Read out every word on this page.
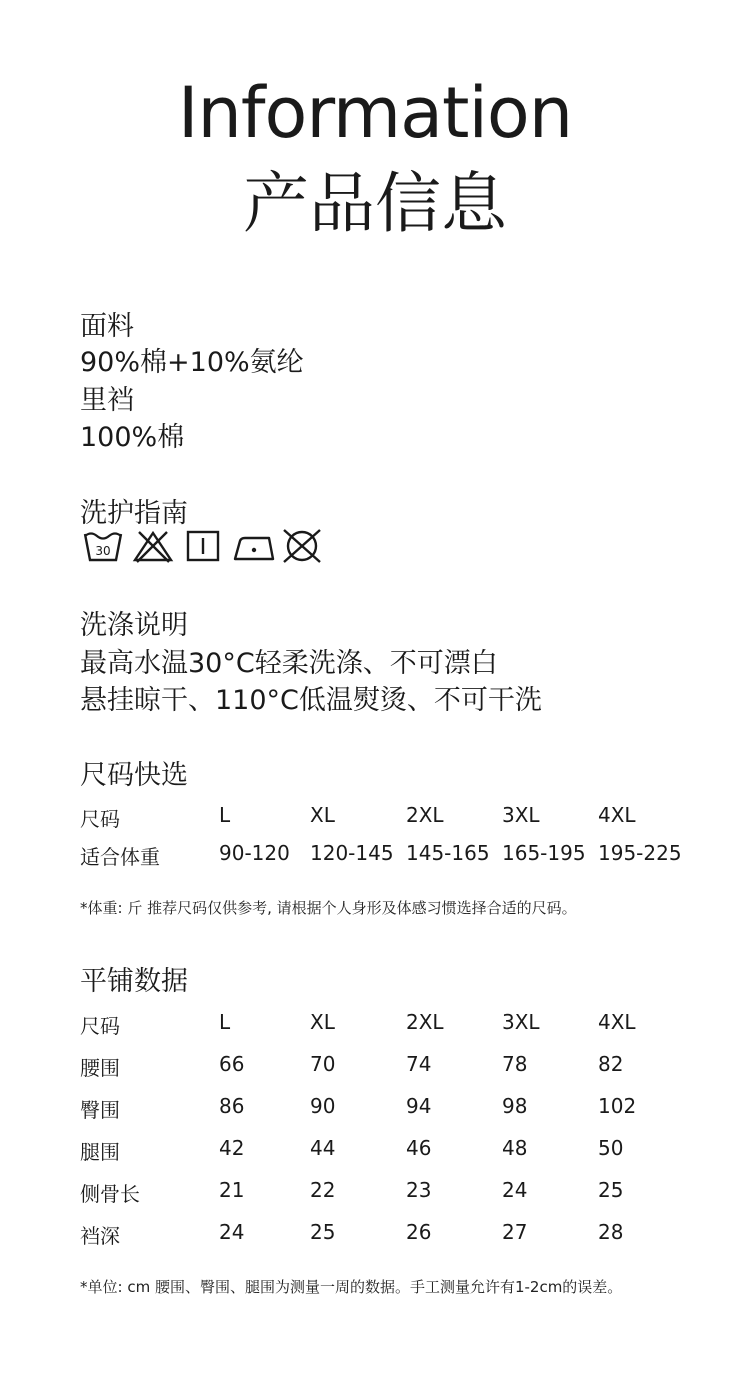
Information
产品信息
面料
90%棉+10%氨纶
里裆
100%棉
洗护指南
30
洗涤说明
最高水温30°C轻柔洗涤、不可漂白
悬挂晾干、110°C低温熨烫、不可干洗
尺码快选
尺码	L	XL	2XL	3XL	4XL
适合体重	90-120 120-145 145-165 165-195 195-225
*体重: 斤 推荐尺码仅供参考, 请根据个人身形及体感习惯选择合适的尺码。
平铺数据
尺码	L	XL	2XL	3XL	4XL
腰围	66	70	74	78	82
臀围	86	90	94	98	102
腿围	42	44	46	48	50
侧骨长	21	22	23	24	25
裆深	24	25	26	27	28
*单位: cm 腰围、臀围、腿围为测量一周的数据。手工测量允许有1-2cm的误差。
